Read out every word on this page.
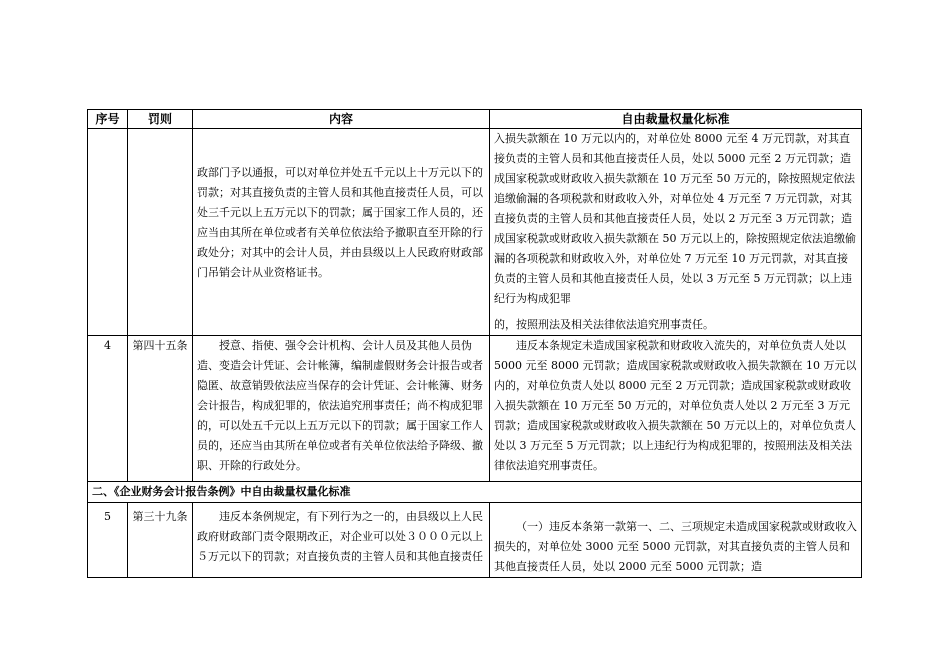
序号	罚则	内容	自由裁量权量化标准

		政部门予以通报，可以对单位并处五千元以上十万元以下的罚款；对其直接负责的主管人员和其他直接责任人员，可以处三千元以上五万元以下的罚款；属于国家工作人员的，还应当由其所在单位或者有关单位依法给予撤职直至开除的行政处分；对其中的会计人员，并由县级以上人民政府财政部门吊销会计从业资格证书。	入损失款额在 10 万元以内的，对单位处 8000 元至 4 万元罚款，对其直接负责的主管人员和其他直接责任人员，处以 5000 元至 2 万元罚款；造成国家税款或财政收入损失款额在 10 万元至 50 万元的，除按照规定依法追缴偷漏的各项税款和财政收入外，对单位处 4 万元至 7 万元罚款，对其直接负责的主管人员和其他直接责任人员，处以 2 万元至 3 万元罚款；造成国家税款或财政收入损失款额在 50 万元以上的，除按照规定依法追缴偷漏的各项税款和财政收入外，对单位处 7 万元至 10 万元罚款，对其直接负责的主管人员和其他直接责任人员，处以 3 万元至 5 万元罚款；以上违纪行为构成犯罪
的，按照刑法及相关法律依法追究刑事责任。

4	第四十五条	授意、指使、强令会计机构、会计人员及其他人员伪造、变造会计凭证、会计帐簿，编制虚假财务会计报告或者隐匿、故意销毁依法应当保存的会计凭证、会计帐簿、财务会计报告，构成犯罪的，依法追究刑事责任；尚不构成犯罪的，可以处五千元以上五万元以下的罚款；属于国家工作人员的，还应当由其所在单位或者有关单位依法给予降级、撤职、开除的行政处分。	违反本条规定未造成国家税款和财政收入流失的，对单位负责人处以 5000 元至 8000 元罚款；造成国家税款或财政收入损失款额在 10 万元以内的，对单位负责人处以 8000 元至 2 万元罚款；造成国家税款或财政收入损失款额在 10 万元至 50 万元的，对单位负责人处以 2 万元至 3 万元罚款；造成国家税款或财政收入损失款额在 50 万元以上的，对单位负责人处以 3 万元至 5 万元罚款；以上违纪行为构成犯罪的，按照刑法及相关法律依法追究刑事责任。

二、《企业财务会计报告条例》中自由裁量权量化标准			
5	第三十九条	违反本条例规定，有下列行为之一的，由县级以上人民政府财政部门责令限期改正，对企业可以处３０００元以上５万元以下的罚款；对直接负责的主管人员和其他直接责任	（一）违反本条第一款第一、二、三项规定未造成国家税款或财政收入损失的，对单位处 3000 元至 5000 元罚款，对其直接负责的主管人员和其他直接责任人员，处以 2000 元至 5000 元罚款；造
